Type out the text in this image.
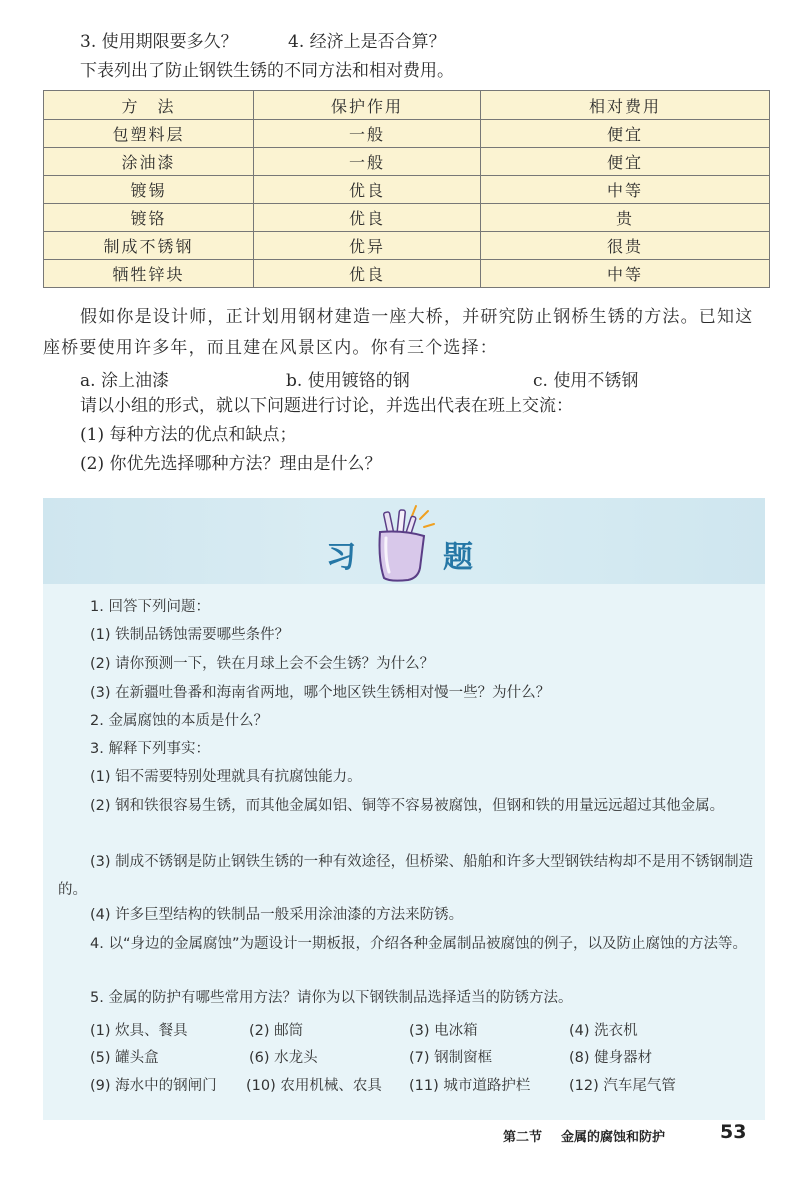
3. 使用期限要多久？	4. 经济上是否合算？
下表列出了防止钢铁生锈的不同方法和相对费用。
方　法	保护作用	相对费用
包塑料层	一般	便宜
涂油漆	一般	便宜
镀锡	优良	中等
镀铬	优良	贵
制成不锈钢	优异	很贵
牺牲锌块	优良	中等
假如你是设计师，正计划用钢材建造一座大桥，并研究防止钢桥生锈的方法。已知这
座桥要使用许多年，而且建在风景区内。你有三个选择：
a. 涂上油漆	b. 使用镀铬的钢	c. 使用不锈钢
请以小组的形式，就以下问题进行讨论，并选出代表在班上交流：
(1) 每种方法的优点和缺点；
(2) 你优先选择哪种方法？理由是什么？
习	题
1. 回答下列问题：
(1) 铁制品锈蚀需要哪些条件？
(2) 请你预测一下，铁在月球上会不会生锈？为什么？
(3) 在新疆吐鲁番和海南省两地，哪个地区铁生锈相对慢一些？为什么？
2. 金属腐蚀的本质是什么？
3. 解释下列事实：
(1) 铝不需要特别处理就具有抗腐蚀能力。
(2) 钢和铁很容易生锈，而其他金属如铝、铜等不容易被腐蚀，但钢和铁的用量远远超过其他金属。
(3) 制成不锈钢是防止钢铁生锈的一种有效途径，但桥梁、船舶和许多大型钢铁结构却不是用不锈钢制造的。
(4) 许多巨型结构的铁制品一般采用涂油漆的方法来防锈。
4. 以“身边的金属腐蚀”为题设计一期板报，介绍各种金属制品被腐蚀的例子，以及防止腐蚀的方法等。
5. 金属的防护有哪些常用方法？请你为以下钢铁制品选择适当的防锈方法。
(1) 炊具、餐具	(2) 邮筒	(3) 电冰箱	(4) 洗衣机
(5) 罐头盒	(6) 水龙头	(7) 钢制窗框	(8) 健身器材
(9) 海水中的钢闸门 (10) 农用机械、农具 (11) 城市道路护栏	(12) 汽车尾气管
第二节 金属的腐蚀和防护	53
